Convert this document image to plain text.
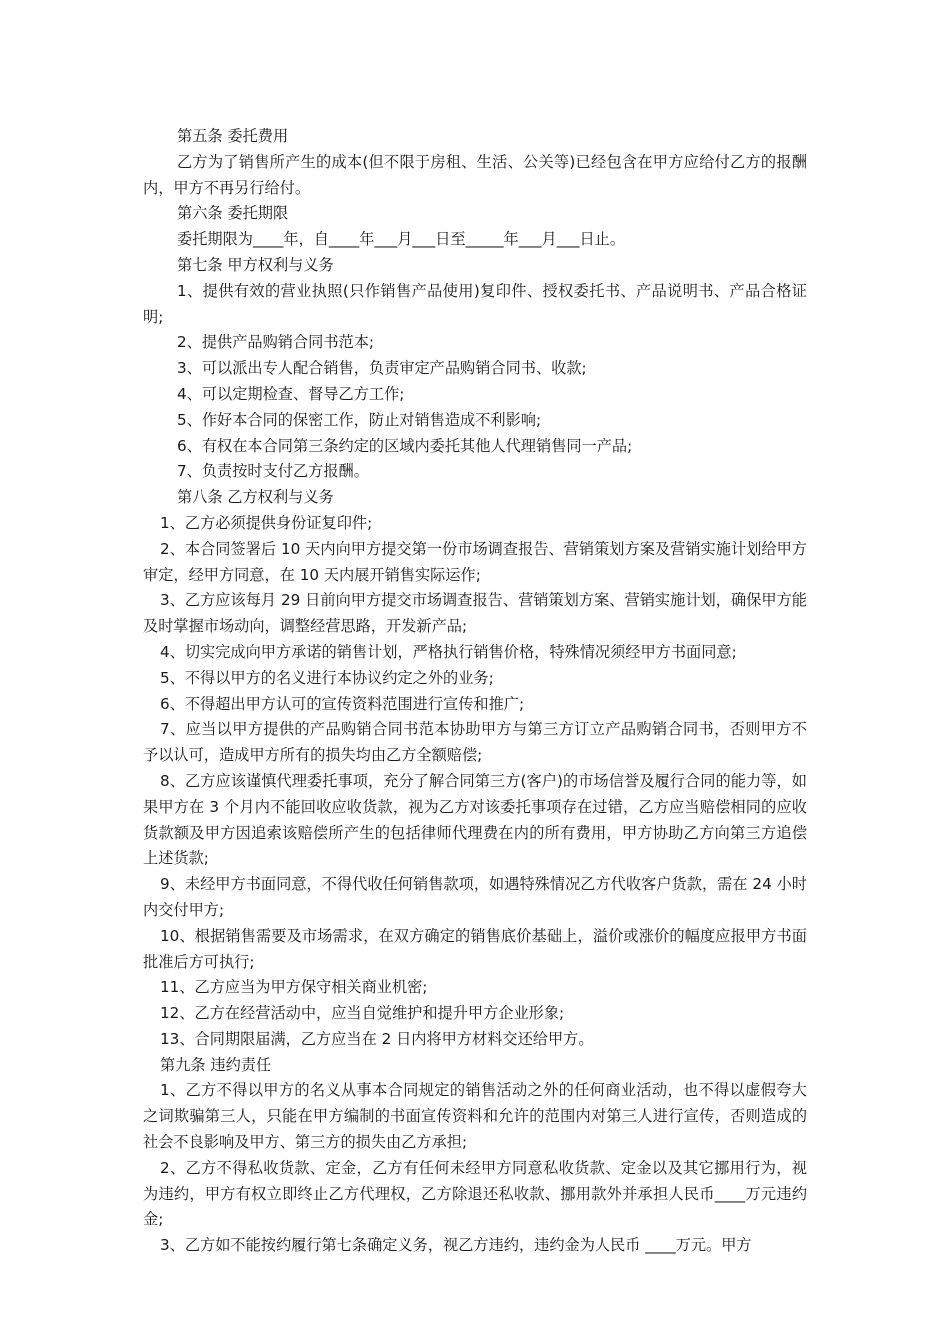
第五条 委托费用

乙方为了销售所产生的成本(但不限于房租、生活、公关等)已经包含在甲方应给付乙方的报酬内，甲方不再另行给付。

第六条 委托期限

委托期限为____年，自____年___月___日至_____年___月___日止。

第七条 甲方权利与义务

1、提供有效的营业执照(只作销售产品使用)复印件、授权委托书、产品说明书、产品合格证明;

2、提供产品购销合同书范本;

3、可以派出专人配合销售，负责审定产品购销合同书、收款;

4、可以定期检查、督导乙方工作;

5、作好本合同的保密工作，防止对销售造成不利影响;

6、有权在本合同第三条约定的区域内委托其他人代理销售同一产品;

7、负责按时支付乙方报酬。

第八条 乙方权利与义务

1、乙方必须提供身份证复印件;

2、本合同签署后 10 天内向甲方提交第一份市场调查报告、营销策划方案及营销实施计划给甲方审定，经甲方同意，在 10 天内展开销售实际运作;

3、乙方应该每月 29 日前向甲方提交市场调查报告、营销策划方案、营销实施计划，确保甲方能及时掌握市场动向，调整经营思路，开发新产品;

4、切实完成向甲方承诺的销售计划，严格执行销售价格，特殊情况须经甲方书面同意;

5、不得以甲方的名义进行本协议约定之外的业务;

6、不得超出甲方认可的宣传资料范围进行宣传和推广;

7、应当以甲方提供的产品购销合同书范本协助甲方与第三方订立产品购销合同书，否则甲方不予以认可，造成甲方所有的损失均由乙方全额赔偿;

8、乙方应该谨慎代理委托事项，充分了解合同第三方(客户)的市场信誉及履行合同的能力等，如果甲方在 3 个月内不能回收应收货款，视为乙方对该委托事项存在过错，乙方应当赔偿相同的应收货款额及甲方因追索该赔偿所产生的包括律师代理费在内的所有费用，甲方协助乙方向第三方追偿上述货款;

9、未经甲方书面同意，不得代收任何销售款项，如遇特殊情况乙方代收客户货款，需在 24 小时内交付甲方;

10、根据销售需要及市场需求，在双方确定的销售底价基础上，溢价或涨价的幅度应报甲方书面批准后方可执行;

11、乙方应当为甲方保守相关商业机密;

12、乙方在经营活动中，应当自觉维护和提升甲方企业形象;

13、合同期限届满，乙方应当在 2 日内将甲方材料交还给甲方。

第九条 违约责任

1、乙方不得以甲方的名义从事本合同规定的销售活动之外的任何商业活动，也不得以虚假夸大之词欺骗第三人，只能在甲方编制的书面宣传资料和允许的范围内对第三人进行宣传，否则造成的社会不良影响及甲方、第三方的损失由乙方承担;

2、乙方不得私收货款、定金，乙方有任何未经甲方同意私收货款、定金以及其它挪用行为，视为违约，甲方有权立即终止乙方代理权，乙方除退还私收款、挪用款外并承担人民币____万元违约金;

3、乙方如不能按约履行第七条确定义务，视乙方违约，违约金为人民币 ____万元。甲方
